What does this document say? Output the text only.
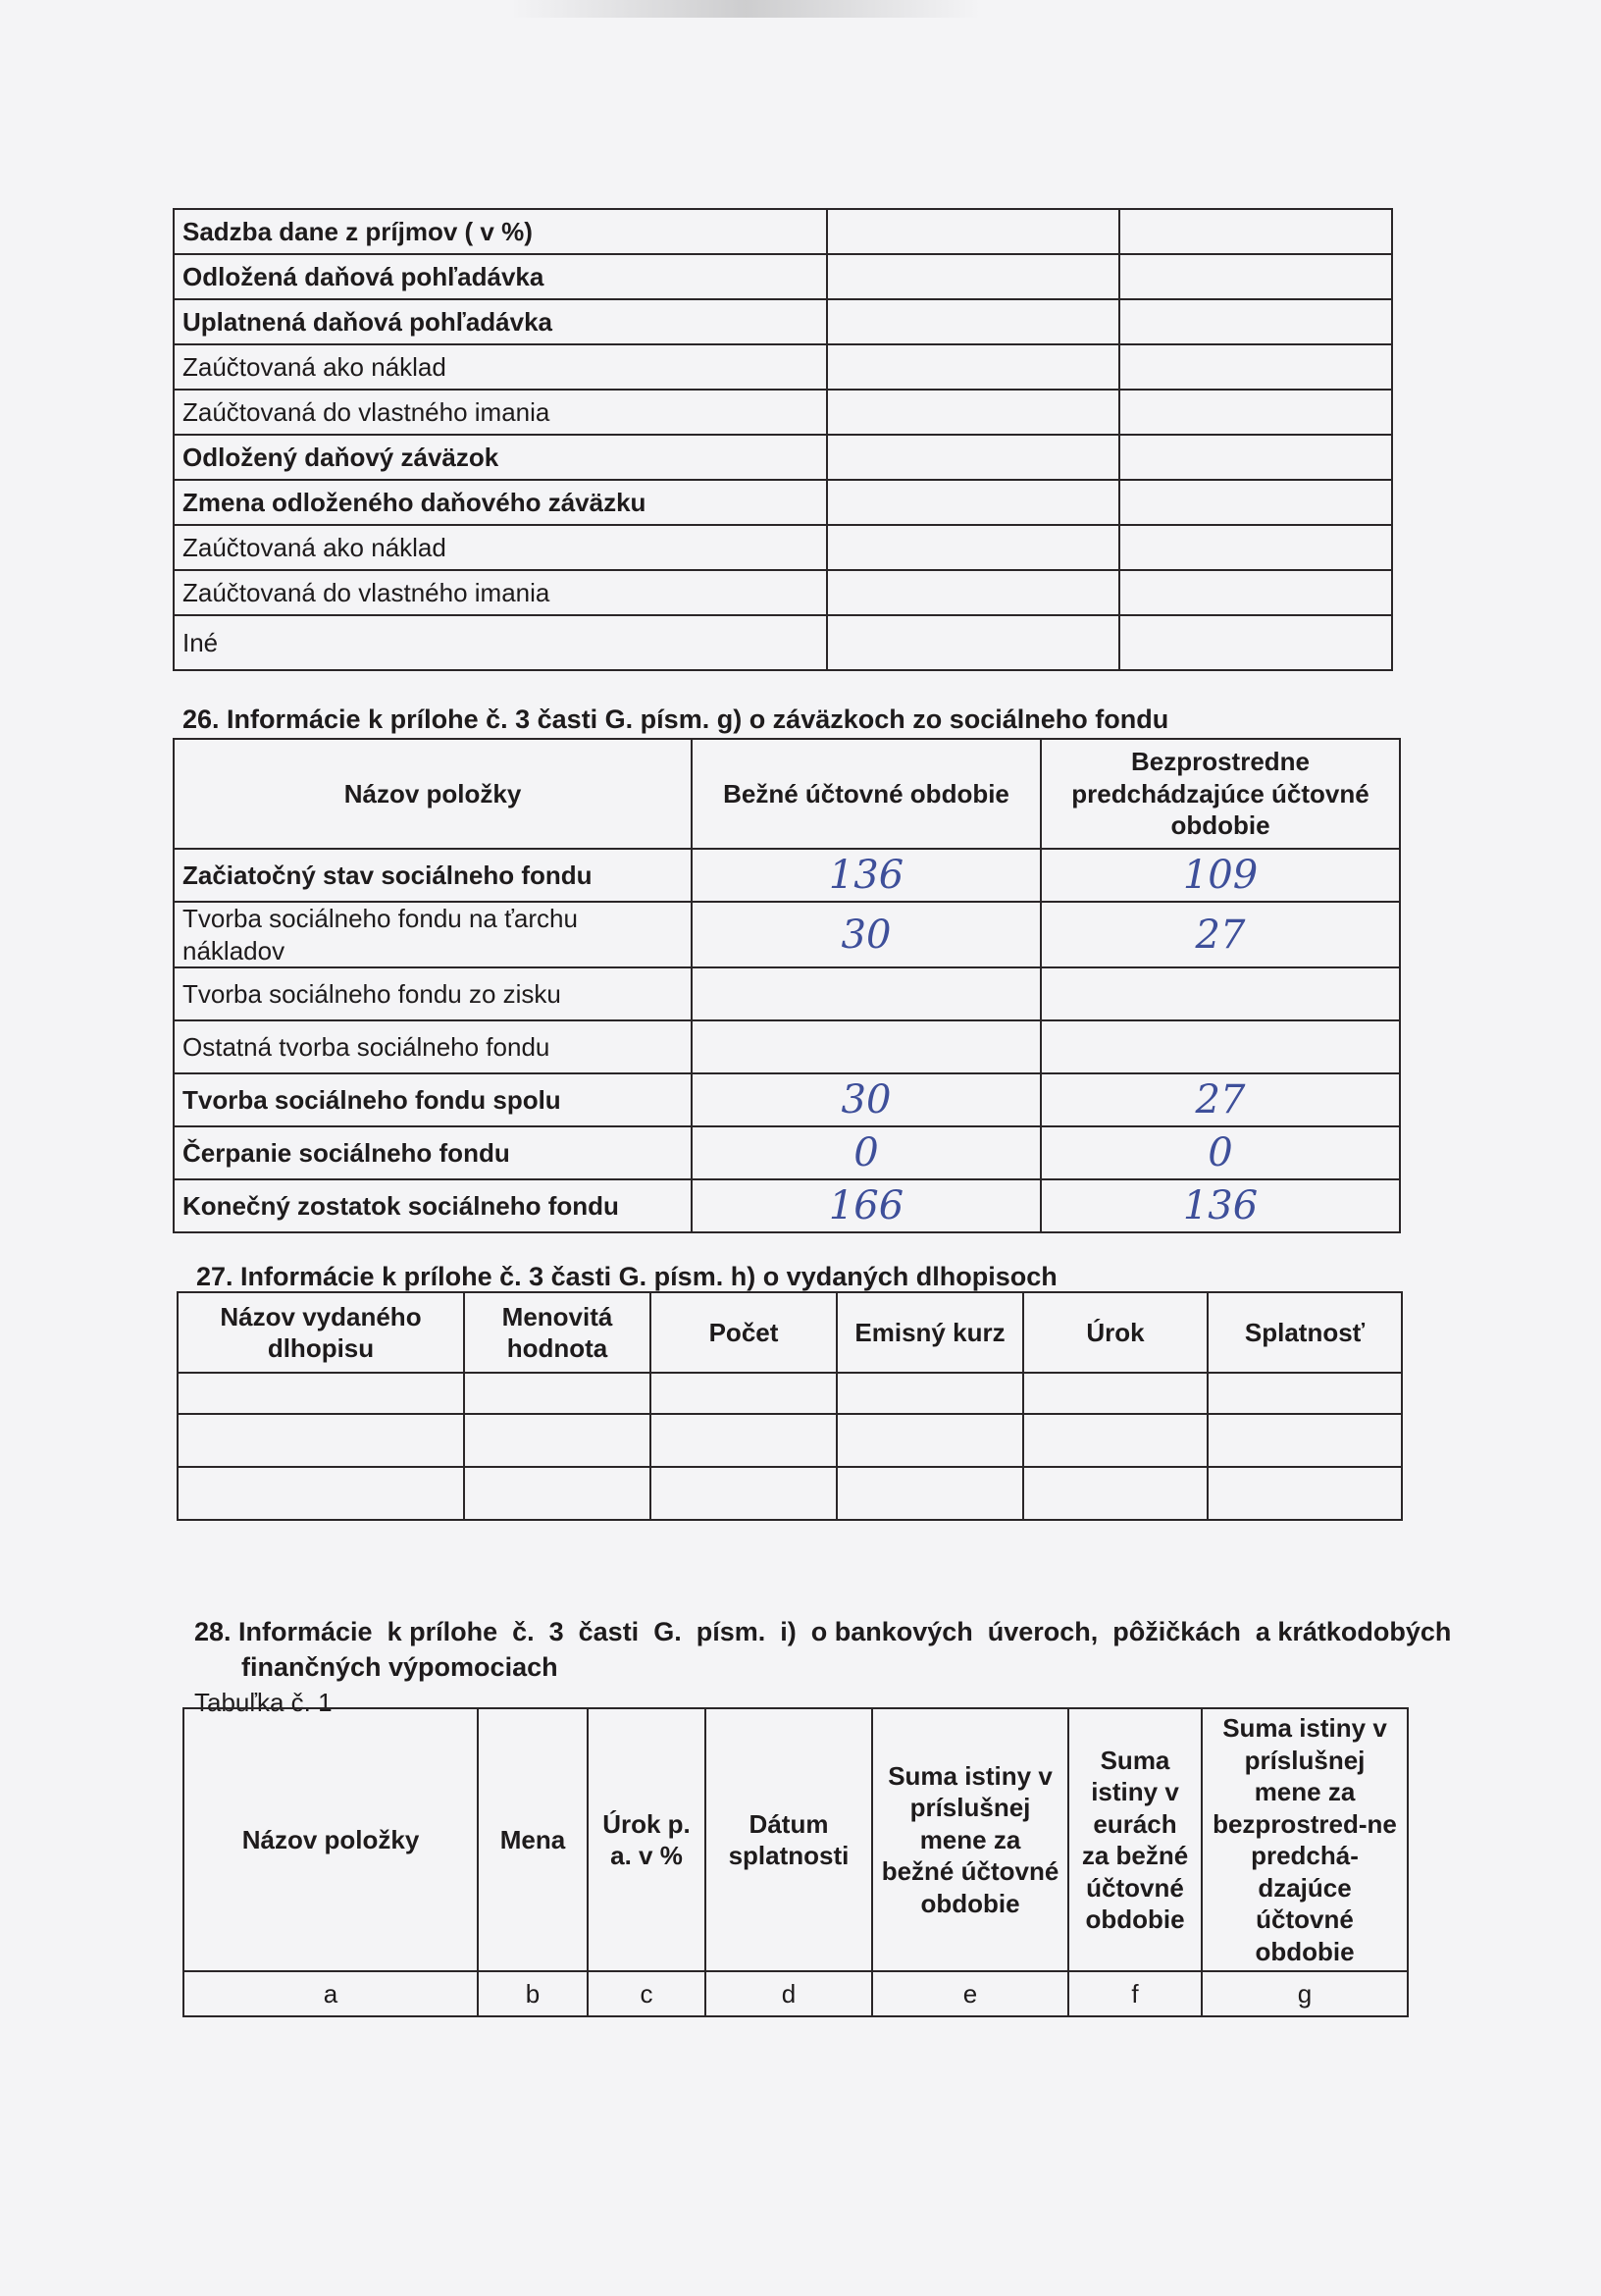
Sadzba dane z príjmov ( v %)		
Odložená daňová pohľadávka		
Uplatnená daňová pohľadávka		
Zaúčtovaná ako náklad		
Zaúčtovaná do vlastného imania		
Odložený daňový záväzok		
Zmena odloženého daňového záväzku		
Zaúčtovaná ako náklad		
Zaúčtovaná do vlastného imania		
Iné		
26. Informácie k prílohe č. 3 časti G. písm. g) o záväzkoch zo sociálneho fondu
Názov položky	Bežné účtovné obdobie	Bezprostredne predchádzajúce účtovné obdobie
Začiatočný stav sociálneho fondu	136	109
Tvorba sociálneho fondu na ťarchu nákladov	30	27
Tvorba sociálneho fondu zo zisku		
Ostatná tvorba sociálneho fondu		
Tvorba sociálneho fondu spolu	30	27
Čerpanie sociálneho fondu	0	0
Konečný zostatok sociálneho fondu	166	136
27. Informácie k prílohe č. 3 časti G. písm. h) o vydaných dlhopisoch
Názov vydaného dlhopisu	Menovitá hodnota	Počet	Emisný kurz	Úrok	Splatnosť

28. Informácie  k prílohe  č.  3  časti  G.  písm.  i)  o bankových  úveroch,  pôžičkách  a krátkodobých
finančných výpomociach
Tabuľka č. 1
Názov položky	Mena	Úrok p. a. v %	Dátum splatnosti	Suma istiny v príslušnej mene za bežné účtovné obdobie	Suma istiny v eurách za bežné účtovné obdobie	Suma istiny v príslušnej mene za bezprostred-ne predchá-dzajúce účtovné obdobie
a	b	c	d	e	f	g
